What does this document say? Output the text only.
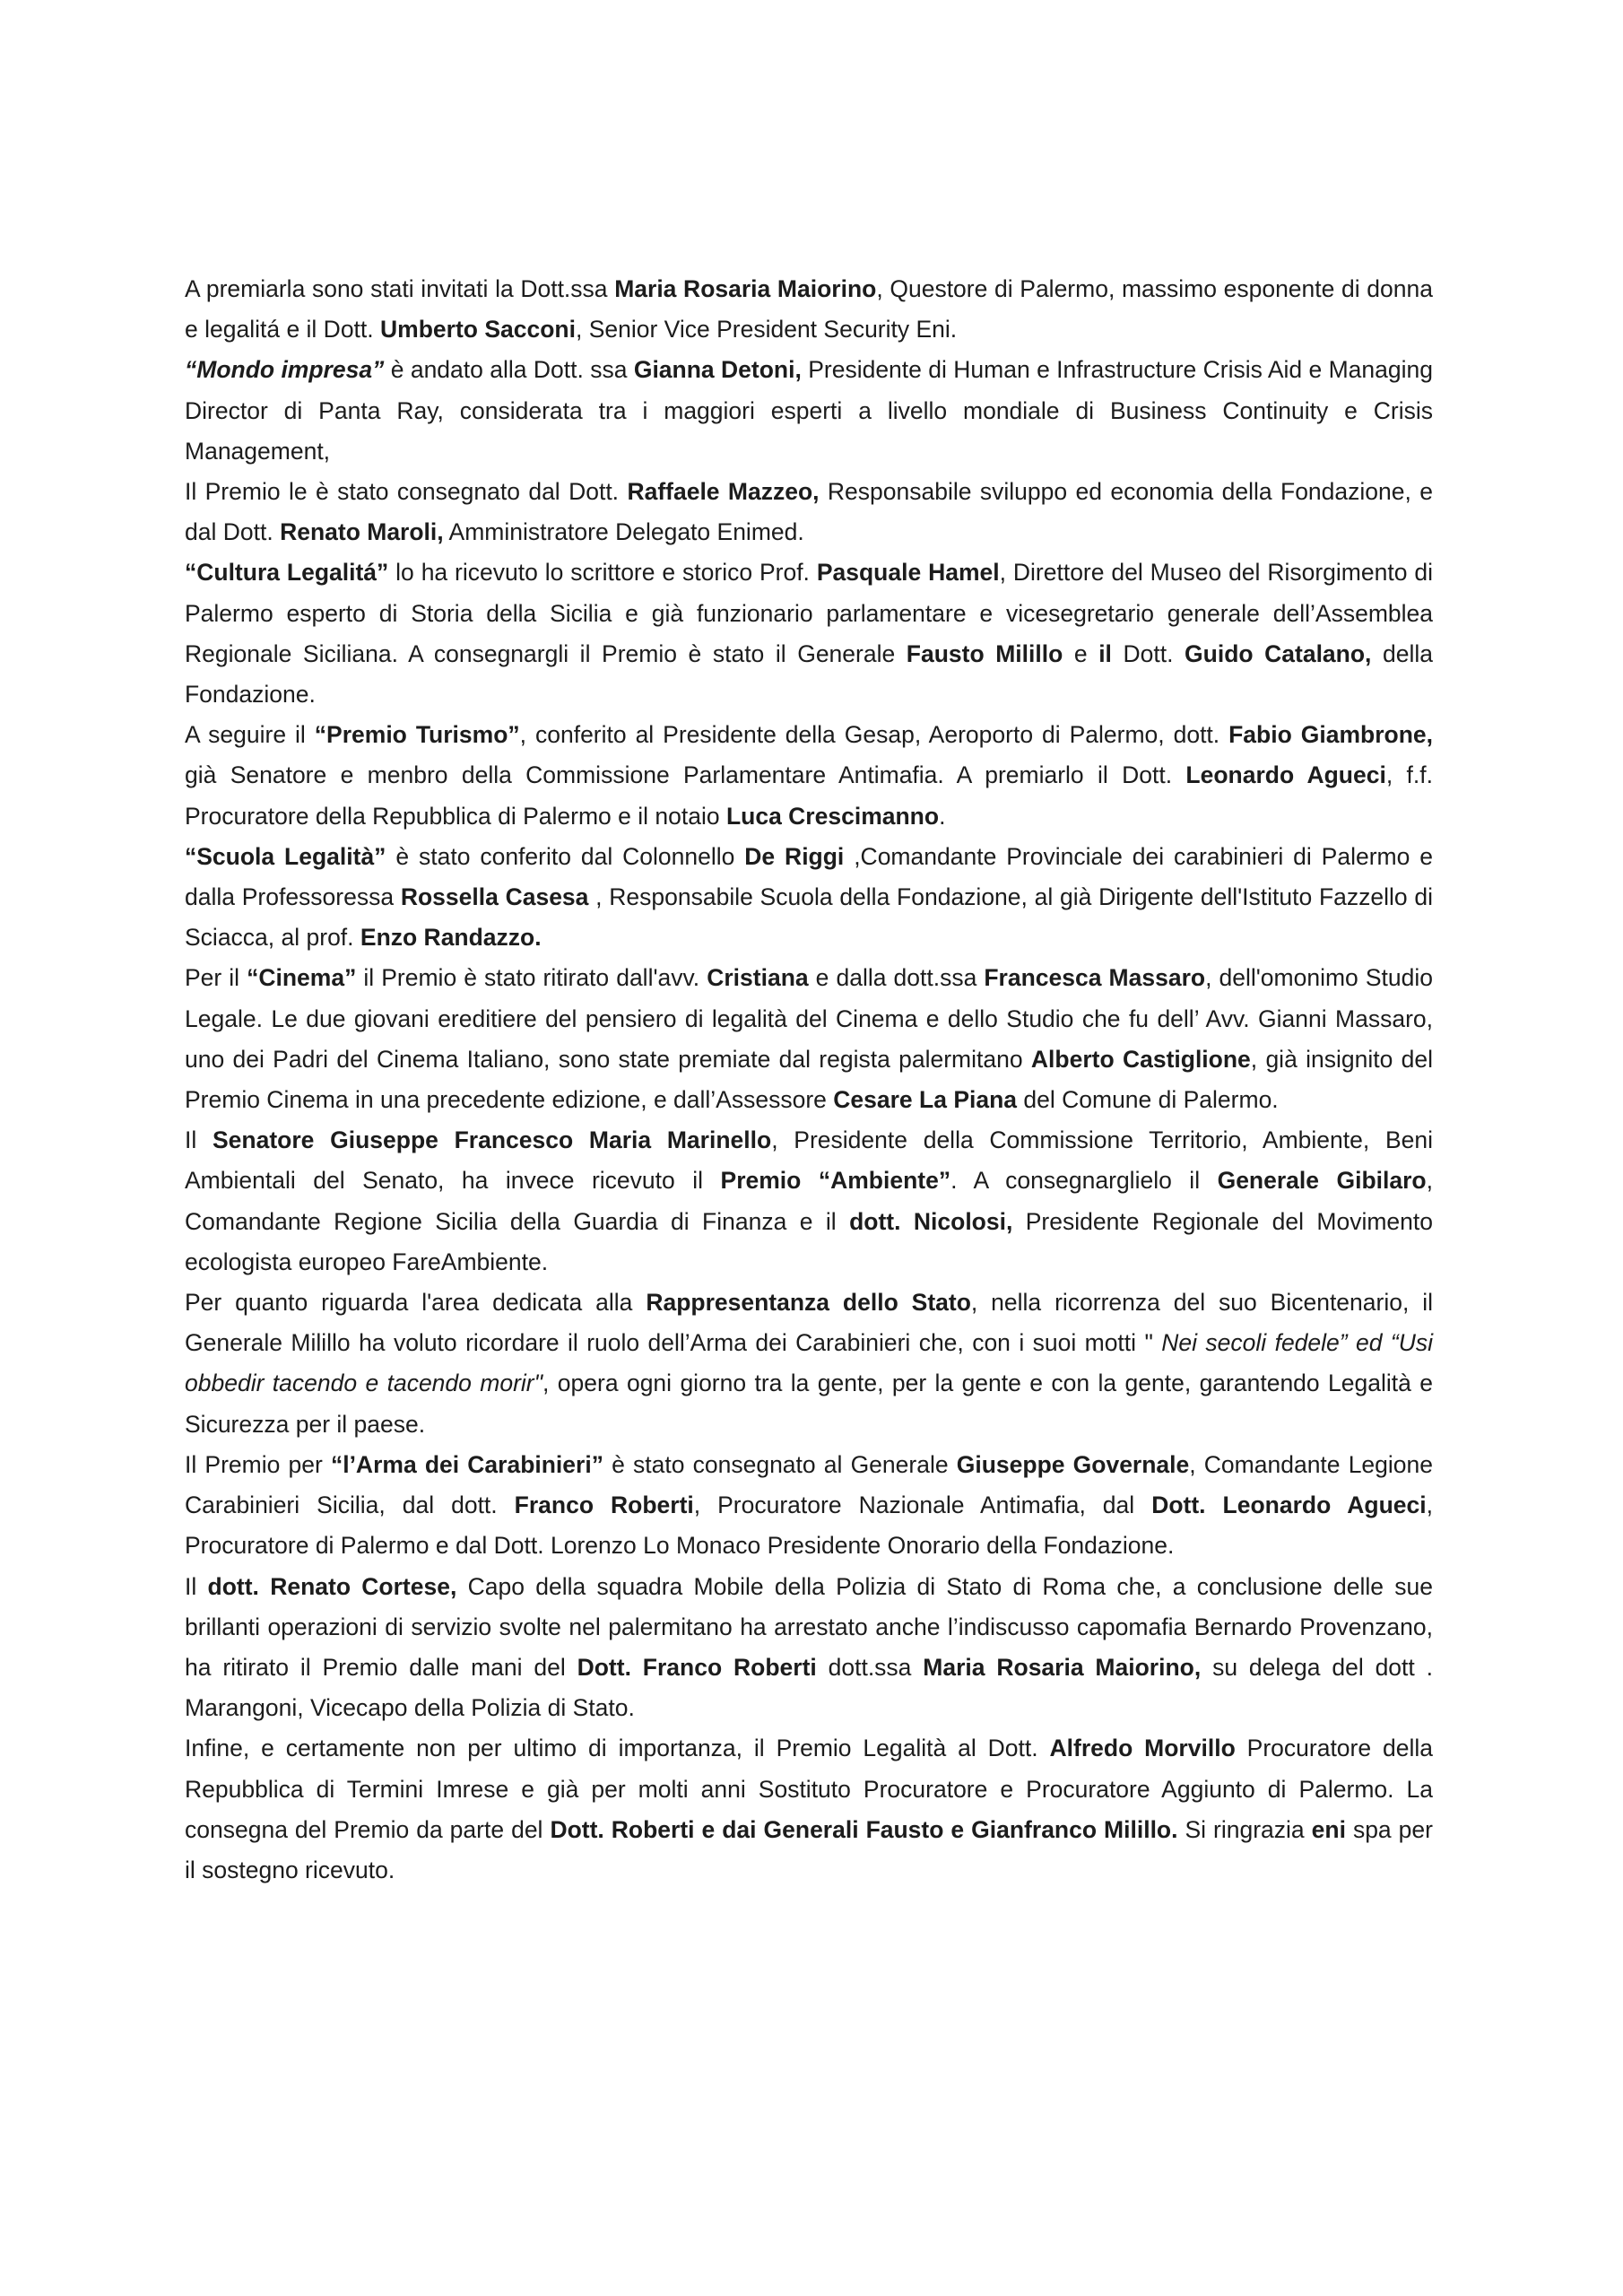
A premiarla sono stati invitati la Dott.ssa Maria Rosaria Maiorino, Questore di Palermo, massimo esponente di donna e legalitá e il Dott. Umberto Sacconi, Senior Vice President Security Eni.

“Mondo impresa” è andato alla Dott. ssa Gianna Detoni, Presidente di Human e Infrastructure Crisis Aid e Managing Director di Panta Ray, considerata tra i maggiori esperti a livello mondiale di Business Continuity e Crisis Management,

Il Premio le è stato consegnato dal Dott. Raffaele Mazzeo, Responsabile sviluppo ed economia della Fondazione, e dal Dott. Renato Maroli, Amministratore Delegato Enimed.

“Cultura Legalitá” lo ha ricevuto lo scrittore e storico Prof. Pasquale Hamel, Direttore del Museo del Risorgimento di Palermo esperto di Storia della Sicilia e già funzionario parlamentare e vicesegretario generale dell’Assemblea Regionale Siciliana. A consegnargli il Premio è stato il Generale Fausto Milillo e il Dott. Guido Catalano, della Fondazione.

A seguire il “Premio Turismo”, conferito al Presidente della Gesap, Aeroporto di Palermo, dott. Fabio Giambrone, già Senatore e menbro della Commissione Parlamentare Antimafia. A premiarlo il Dott. Leonardo Agueci, f.f. Procuratore della Repubblica di Palermo e il notaio Luca Crescimanno.

“Scuola Legalità” è stato conferito dal Colonnello De Riggi ,Comandante Provinciale dei carabinieri di Palermo e dalla Professoressa Rossella Casesa , Responsabile Scuola della Fondazione, al già Dirigente dell'Istituto Fazzello di Sciacca, al prof. Enzo Randazzo.

Per il “Cinema” il Premio è stato ritirato dall'avv. Cristiana e dalla dott.ssa Francesca Massaro, dell'omonimo Studio Legale. Le due giovani ereditiere del pensiero di legalità del Cinema e dello Studio che fu dell’ Avv. Gianni Massaro, uno dei Padri del Cinema Italiano, sono state premiate dal regista palermitano Alberto Castiglione, già insignito del Premio Cinema in una precedente edizione, e dall’Assessore Cesare La Piana del Comune di Palermo.

Il Senatore Giuseppe Francesco Maria Marinello, Presidente della Commissione Territorio, Ambiente, Beni Ambientali del Senato, ha invece ricevuto il Premio “Ambiente”. A consegnarglielo il Generale Gibilaro, Comandante Regione Sicilia della Guardia di Finanza e il dott. Nicolosi, Presidente Regionale del Movimento ecologista europeo FareAmbiente.

Per quanto riguarda l'area dedicata alla Rappresentanza dello Stato, nella ricorrenza del suo Bicentenario, il Generale Milillo ha voluto ricordare il ruolo dell’Arma dei Carabinieri che, con i suoi motti " Nei secoli fedele” ed “Usi obbedir tacendo e tacendo morir", opera ogni giorno tra la gente, per la gente e con la gente, garantendo Legalità e Sicurezza per il paese.

Il Premio per “l’Arma dei Carabinieri” è stato consegnato al Generale Giuseppe Governale, Comandante Legione Carabinieri Sicilia, dal dott. Franco Roberti, Procuratore Nazionale Antimafia, dal Dott. Leonardo Agueci, Procuratore di Palermo e dal Dott. Lorenzo Lo Monaco Presidente Onorario della Fondazione.

Il dott. Renato Cortese, Capo della squadra Mobile della Polizia di Stato di Roma che, a conclusione delle sue brillanti operazioni di servizio svolte nel palermitano ha arrestato anche l’indiscusso capomafia Bernardo Provenzano, ha ritirato il Premio dalle mani del Dott. Franco Roberti dott.ssa Maria Rosaria Maiorino, su delega del dott . Marangoni, Vicecapo della Polizia di Stato.

Infine, e certamente non per ultimo di importanza, il Premio Legalità al Dott. Alfredo Morvillo Procuratore della Repubblica di Termini Imrese e già per molti anni Sostituto Procuratore e Procuratore Aggiunto di Palermo. La consegna del Premio da parte del Dott. Roberti e dai Generali Fausto e Gianfranco Milillo. Si ringrazia eni spa per il sostegno ricevuto.
